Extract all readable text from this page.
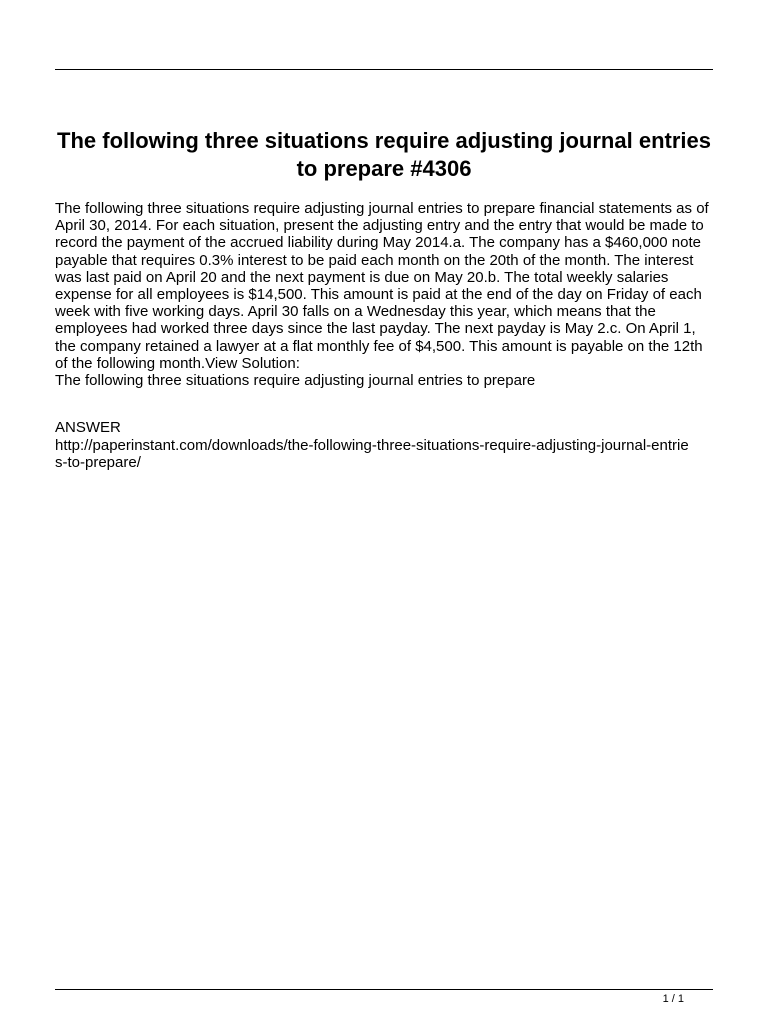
The following three situations require adjusting journal entries to prepare #4306

The following three situations require adjusting journal entries to prepare financial statements as of April 30, 2014. For each situation, present the adjusting entry and the entry that would be made to record the payment of the accrued liability during May 2014.a. The company has a $460,000 note payable that requires 0.3% interest to be paid each month on the 20th of the month. The interest was last paid on April 20 and the next payment is due on May 20.b. The total weekly salaries expense for all employees is $14,500. This amount is paid at the end of the day on Friday of each week with five working days. April 30 falls on a Wednesday this year, which means that the employees had worked three days since the last payday. The next payday is May 2.c. On April 1, the company retained a lawyer at a flat monthly fee of $4,500. This amount is payable on the 12th of the following month.View Solution:

The following three situations require adjusting journal entries to prepare

ANSWER

http://paperinstant.com/downloads/the-following-three-situations-require-adjusting-journal-entries-to-prepare/
1 / 1
